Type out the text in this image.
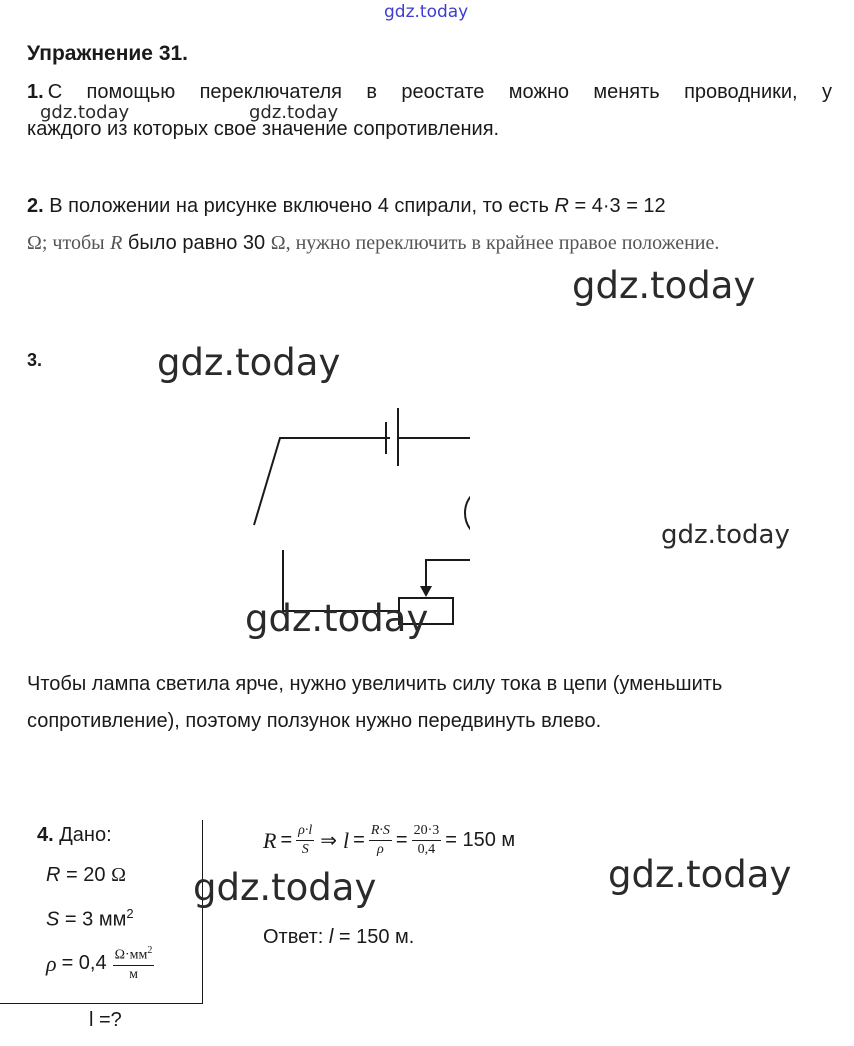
gdz.today
gdz.today	gdz.today
gdz.today
gdz.today
gdz.today
Упражнение 31.
1. С помощью переключателя в реостате можно менять проводники, у
каждого из которых свое значение сопротивления.
2. В положении на рисунке включено 4 спирали, то есть R = 4·3 = 12
Ω; чтобы R было равно 30 Ω, нужно переключить в крайнее правое положение.
3.
gdz.today
Чтобы лампа светила ярче, нужно увеличить силу тока в цепи (уменьшить
сопротивление), поэтому ползунок нужно передвинуть влево.
4. Дано:
R = 20 Ω
S = 3 $мм^2$
$\rho = 0,4 \frac{\Omega\cdot мм^2}{м}$
l =?
$R = \frac{\rho\cdot l}{S}$ ⇒ $l = \frac{R\cdot S}{\rho} = \frac{20\cdot 3}{0,4} = 150$ м
gdz.today	gdz.today
Ответ: l = 150 м.
